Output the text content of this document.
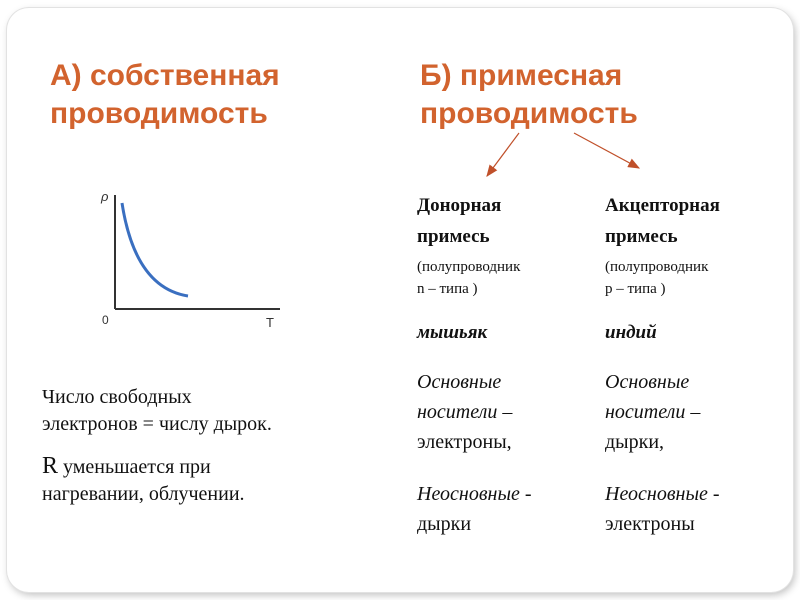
А) собственная
проводимость
Б) примесная
проводимость
ρ
T
0

Число свободных
электронов = числу дырок.

R уменьшается при
нагревании, облучении.

Донорная
примесь
(полупроводник
n – типа )
мышьяк
Основные
носители –
электроны,
Неосновные -
дырки
Акцепторная
примесь
(полупроводник
р – типа )
индий
Основные
носители –
дырки,
Неосновные -
электроны
